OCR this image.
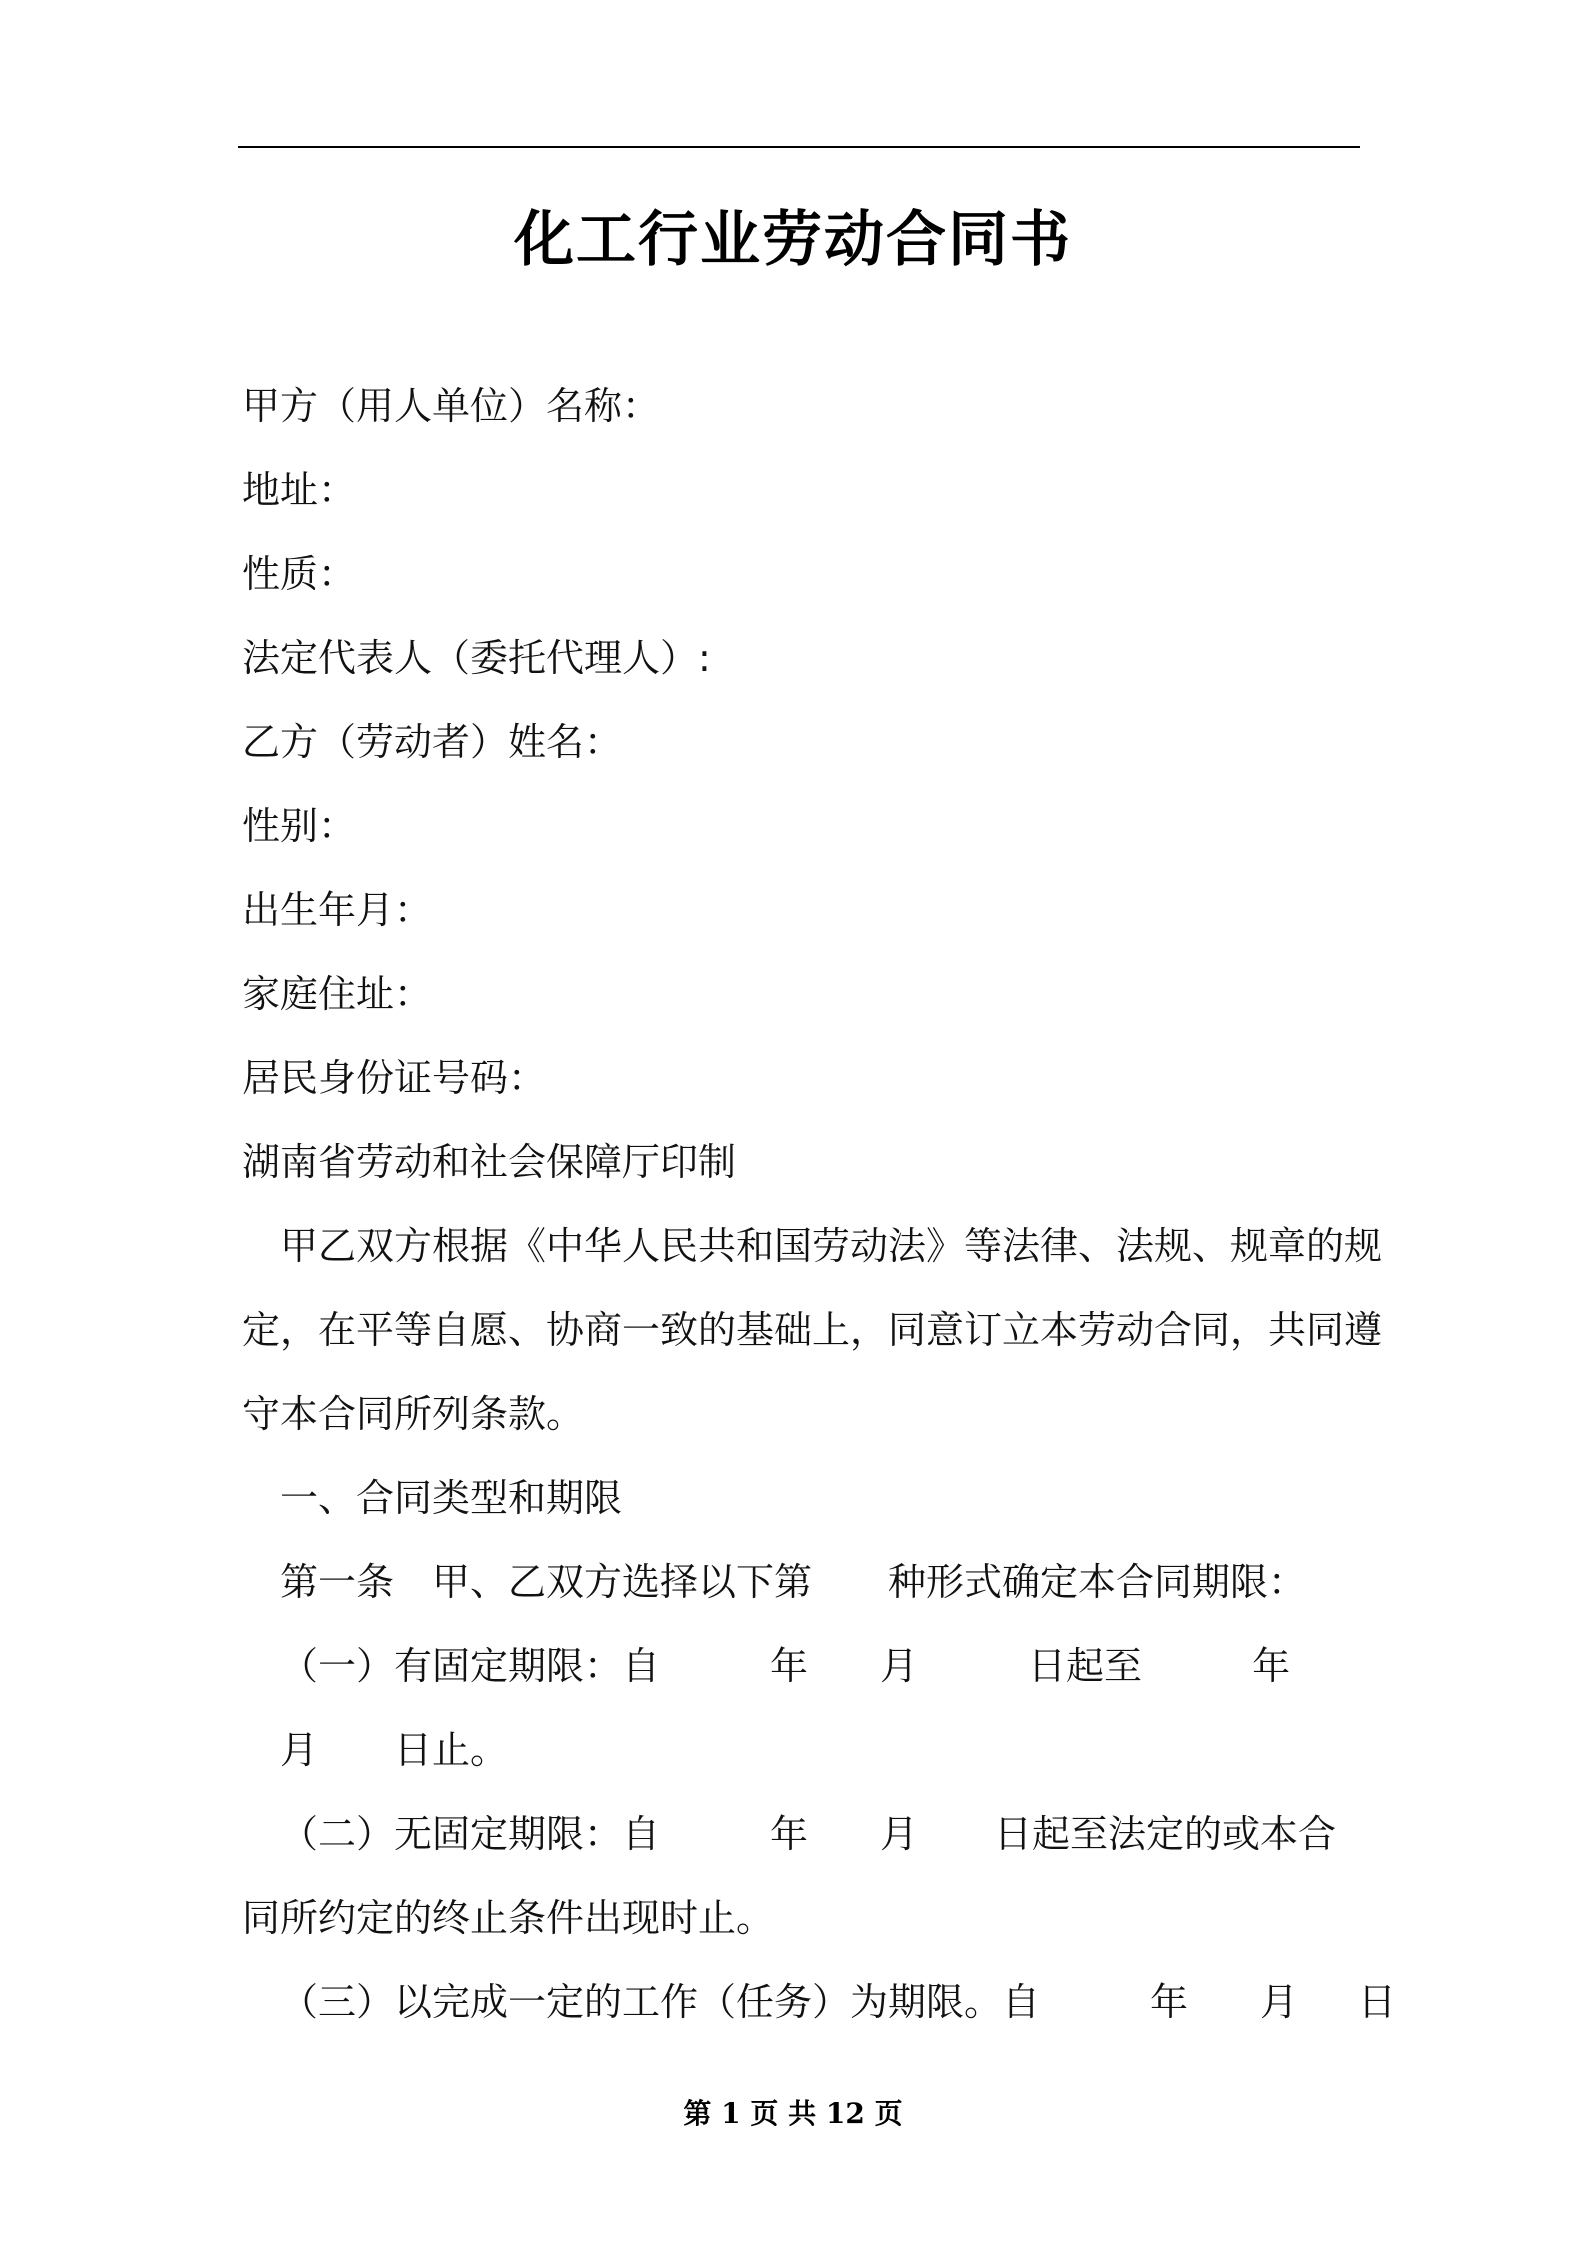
化工行业劳动合同书
甲方（用人单位）名称：
地址：
性质：
法定代表人（委托代理人）:
乙方（劳动者）姓名：
性别：
出生年月：
家庭住址：
居民身份证号码：
湖南省劳动和社会保障厅印制
甲乙双方根据《中华人民共和国劳动法》等法律、法规、规章的规
定，在平等自愿、协商一致的基础上，同意订立本劳动合同，共同遵
守本合同所列条款。
一、合同类型和期限
第一条　甲、乙双方选择以下第 种形式确定本合同期限：
（一）有固定期限：自	年 月	日起至	年
月 日止。
（二）无固定期限：自	年 月 日起至法定的或本合
同所约定的终止条件出现时止。
（三）以完成一定的工作（任务）为期限。自	年 月 日
第 1 页 共 12 页
